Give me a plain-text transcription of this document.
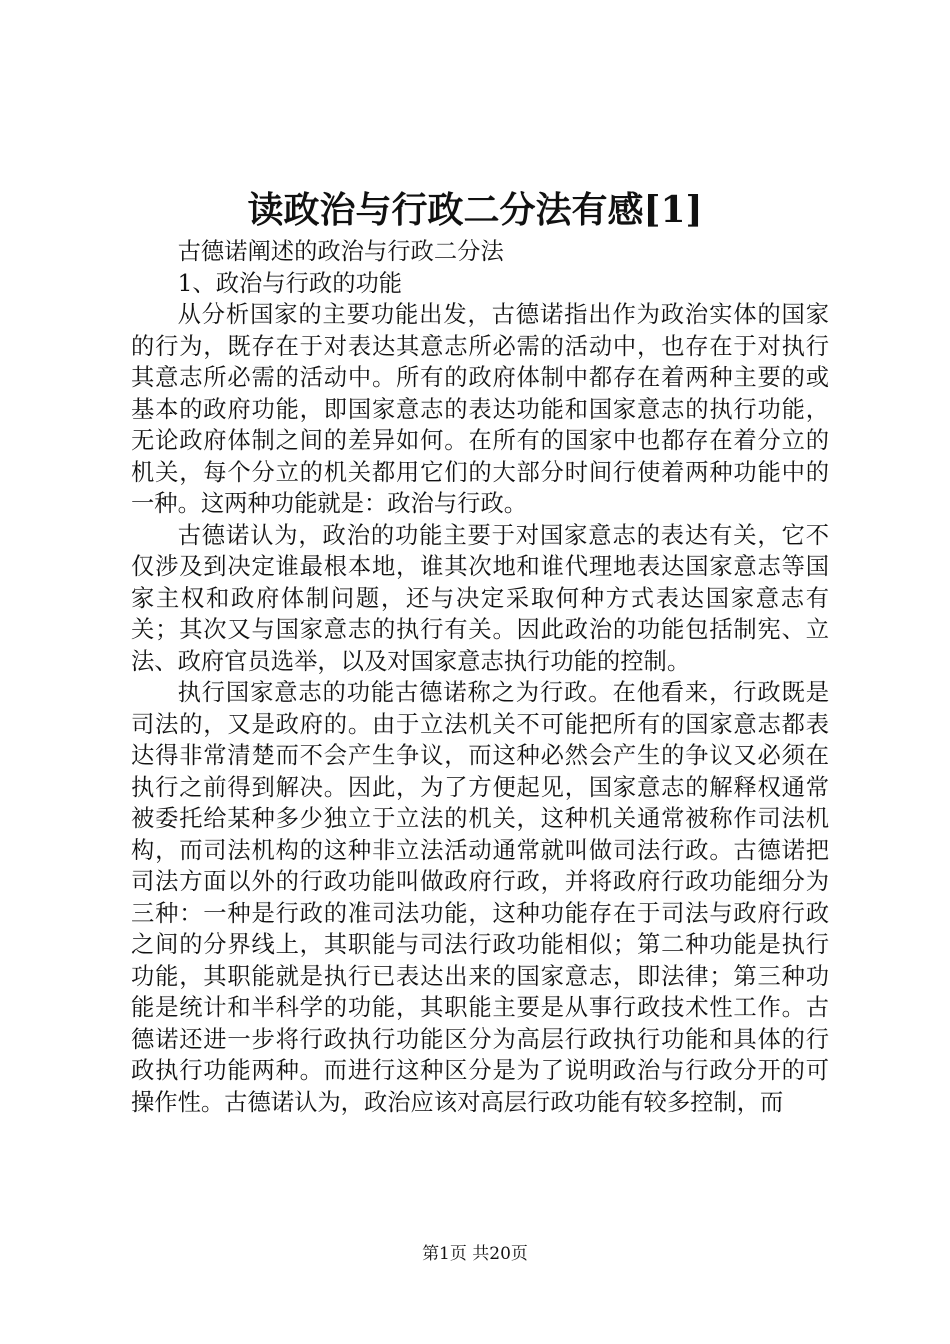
读政治与行政二分法有感[1]

古德诺阐述的政治与行政二分法

1、政治与行政的功能

从分析国家的主要功能出发，古德诺指出作为政治实体的国家的行为，既存在于对表达其意志所必需的活动中，也存在于对执行其意志所必需的活动中。所有的政府体制中都存在着两种主要的或基本的政府功能，即国家意志的表达功能和国家意志的执行功能，无论政府体制之间的差异如何。在所有的国家中也都存在着分立的机关，每个分立的机关都用它们的大部分时间行使着两种功能中的一种。这两种功能就是：政治与行政。

古德诺认为，政治的功能主要于对国家意志的表达有关，它不仅涉及到决定谁最根本地，谁其次地和谁代理地表达国家意志等国家主权和政府体制问题，还与决定采取何种方式表达国家意志有关；其次又与国家意志的执行有关。因此政治的功能包括制宪、立法、政府官员选举，以及对国家意志执行功能的控制。

执行国家意志的功能古德诺称之为行政。在他看来，行政既是司法的，又是政府的。由于立法机关不可能把所有的国家意志都表达得非常清楚而不会产生争议，而这种必然会产生的争议又必须在执行之前得到解决。因此，为了方便起见，国家意志的解释权通常被委托给某种多少独立于立法的机关，这种机关通常被称作司法机构，而司法机构的这种非立法活动通常就叫做司法行政。古德诺把司法方面以外的行政功能叫做政府行政，并将政府行政功能细分为三种：一种是行政的准司法功能，这种功能存在于司法与政府行政之间的分界线上，其职能与司法行政功能相似；第二种功能是执行功能，其职能就是执行已表达出来的国家意志，即法律；第三种功能是统计和半科学的功能，其职能主要是从事行政技术性工作。古德诺还进一步将行政执行功能区分为高层行政执行功能和具体的行政执行功能两种。而进行这种区分是为了说明政治与行政分开的可操作性。古德诺认为，政治应该对高层行政功能有较多控制，而

第1页 共20页
